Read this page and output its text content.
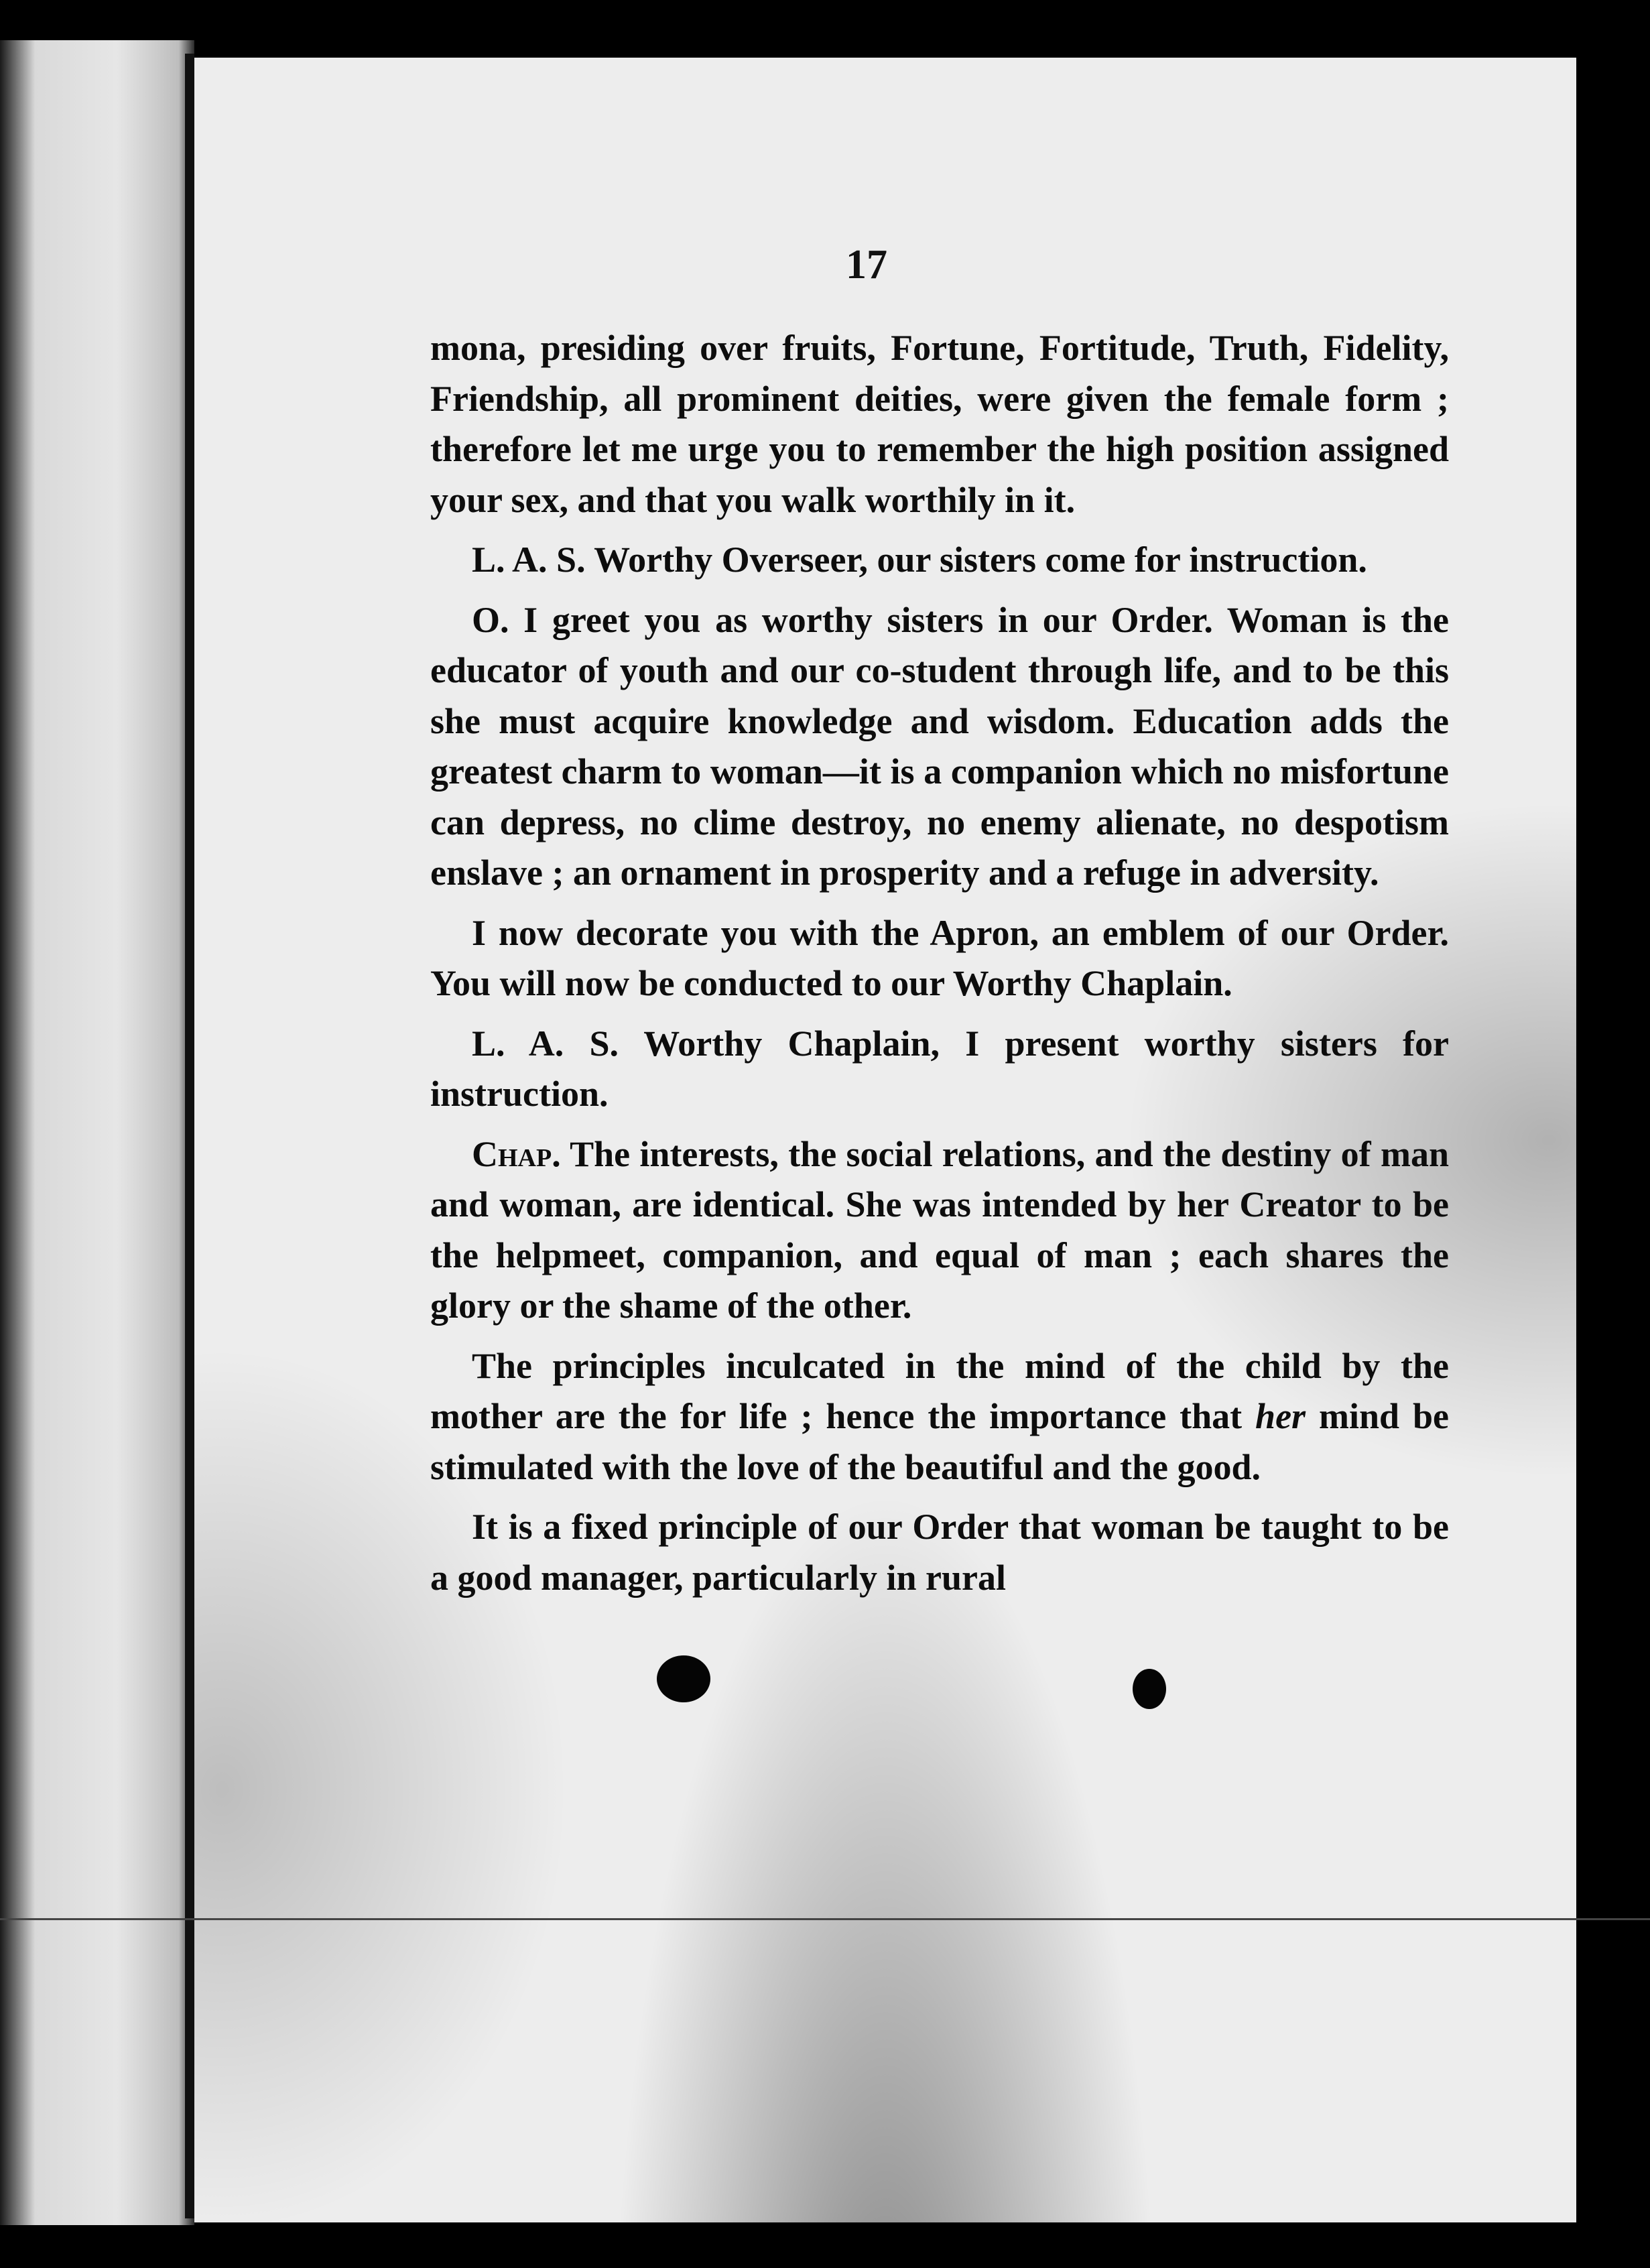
17

mona, presiding over fruits, Fortune, Fortitude, Truth, Fidelity, Friendship, all prominent deities, were given the female form ; therefore let me urge you to remember the high position assigned your sex, and that you walk worthily in it.

L. A. S. Worthy Overseer, our sisters come for instruction.

O. I greet you as worthy sisters in our Order. Woman is the educator of youth and our co-student through life, and to be this she must acquire knowledge and wisdom. Education adds the greatest charm to woman—it is a companion which no misfortune can depress, no clime destroy, no enemy alienate, no despotism enslave ; an ornament in prosperity and a refuge in adversity.

I now decorate you with the Apron, an emblem of our Order. You will now be conducted to our Worthy Chaplain.

L. A. S. Worthy Chaplain, I present worthy sisters for instruction.

Chap. The interests, the social relations, and the destiny of man and woman, are identical. She was intended by her Creator to be the helpmeet, companion, and equal of man ; each shares the glory or the shame of the other.

The principles inculcated in the mind of the child by the mother are the for life ; hence the importance that her mind be stimulated with the love of the beautiful and the good.

It is a fixed principle of our Order that woman be taught to be a good manager, particularly in rural
